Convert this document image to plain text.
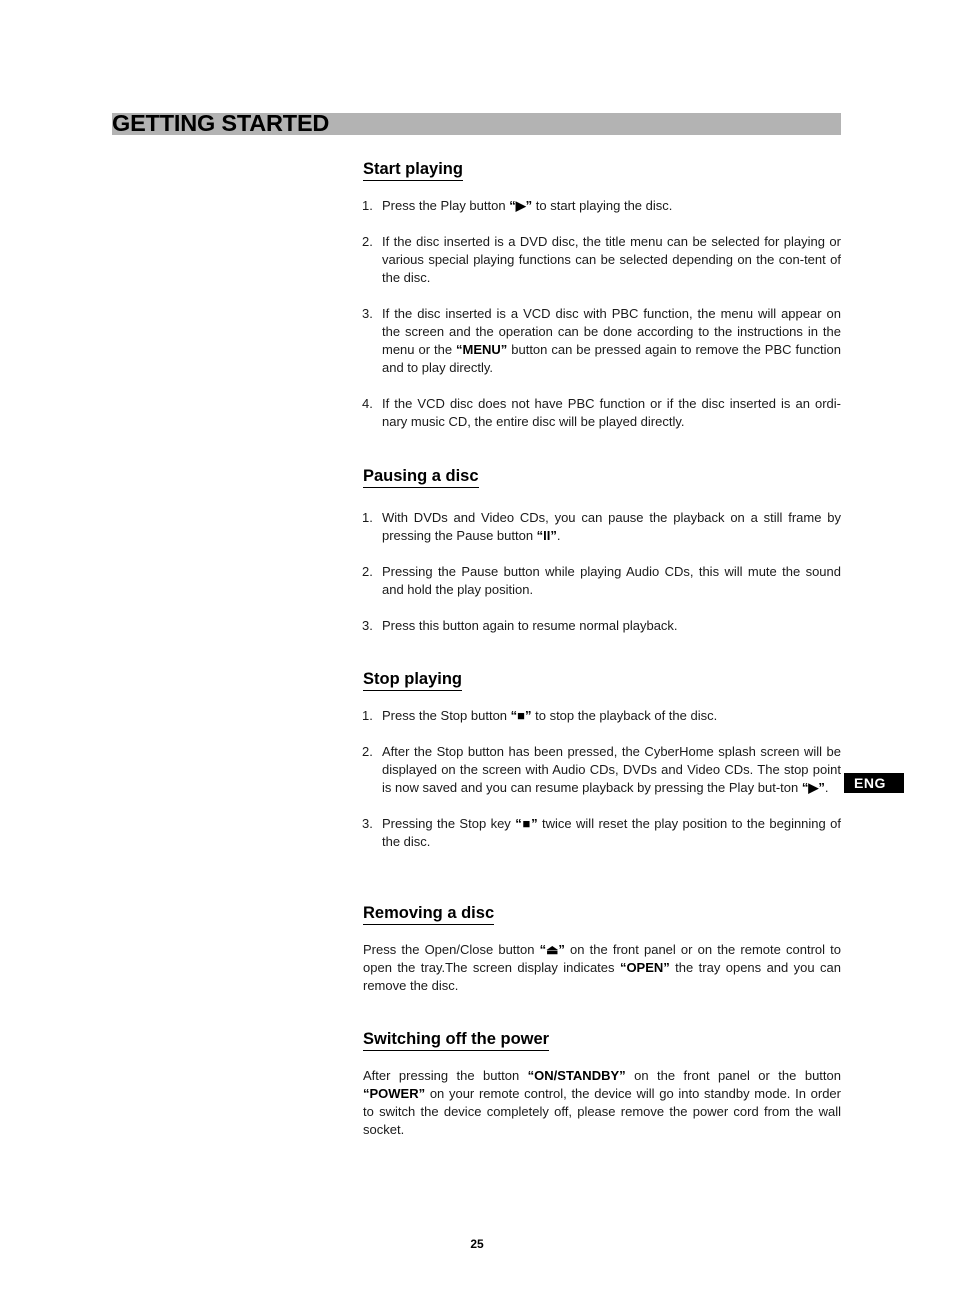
GETTING STARTED
ENG
Start playing
1. Press the Play button “▶” to start playing the disc.
2. If the disc inserted is a DVD disc, the title menu can be selected for playing or various special playing functions can be selected depending on the con-tent of the disc.
3. If the disc inserted is a VCD disc with PBC function, the menu will appear on the screen and the operation can be done according to the instructions in the menu or the “MENU” button can be pressed again to remove the PBC function and to play directly.
4. If the VCD disc does not have PBC function or if the disc inserted is an ordi-nary music CD, the entire disc will be played directly.
Pausing a disc
1. With DVDs and Video CDs, you can pause the playback on a still frame by pressing the Pause button “II”.
2. Pressing the Pause button while playing Audio CDs, this will mute the sound and hold the play position.
3. Press this button again to resume normal playback.
Stop playing
1. Press the Stop button “■” to stop the playback of the disc.
2. After the Stop button has been pressed, the CyberHome splash screen will be displayed on the screen with Audio CDs, DVDs and Video CDs. The stop point is now saved and you can resume playback by pressing the Play but-ton “▶”.
3. Pressing the Stop key “■” twice will reset the play position to the beginning of the disc.
Removing a disc

Press the Open/Close button “⏏” on the front panel or on the remote control to open the tray.The screen display indicates “OPEN” the tray opens and you can remove the disc.

Switching off the power

After pressing the button “ON/STANDBY” on the front panel or the button “POWER” on your remote control, the device will go into standby mode. In order to switch the device completely off, please remove the power cord from the wall socket.

25
